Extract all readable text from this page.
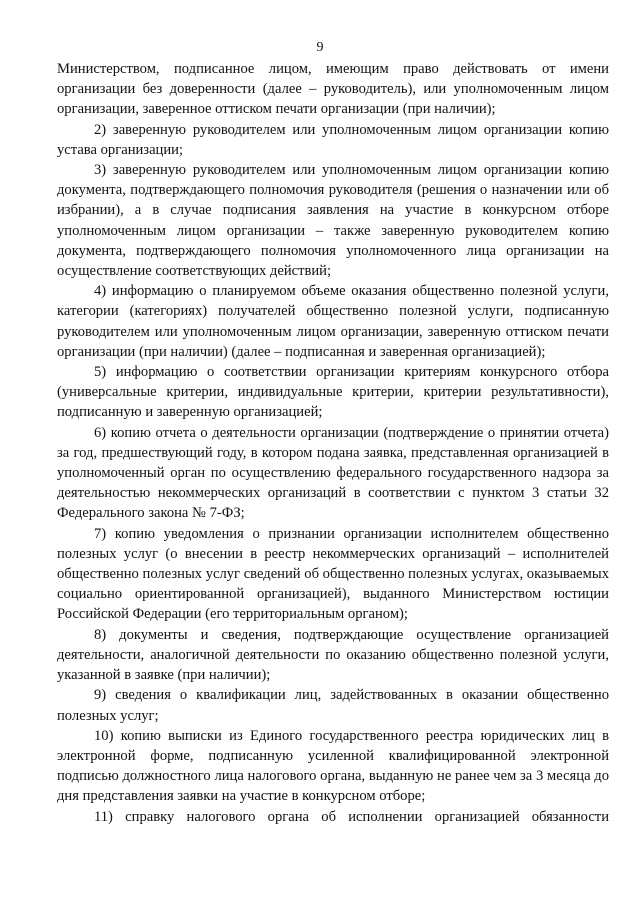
9

Министерством, подписанное лицом, имеющим право действовать от имени организации без доверенности (далее – руководитель), или уполномоченным лицом организации, заверенное оттиском печати организации (при наличии);

2) заверенную руководителем или уполномоченным лицом организации копию устава организации;

3) заверенную руководителем или уполномоченным лицом организации копию документа, подтверждающего полномочия руководителя (решения о назначении или об избрании), а в случае подписания заявления на участие в конкурсном отборе уполномоченным лицом организации – также заверенную руководителем копию документа, подтверждающего полномочия уполномоченного лица организации на осуществление соответствующих действий;

4) информацию о планируемом объеме оказания общественно полезной услуги, категории (категориях) получателей общественно полезной услуги, подписанную руководителем или уполномоченным лицом организации, заверенную оттиском печати организации (при наличии) (далее – подписанная и заверенная организацией);

5) информацию о соответствии организации критериям конкурсного отбора (универсальные критерии, индивидуальные критерии, критерии результативности), подписанную и заверенную организацией;

6) копию отчета о деятельности организации (подтверждение о принятии отчета) за год, предшествующий году, в котором подана заявка, представленная организацией в уполномоченный орган по осуществлению федерального государственного надзора за деятельностью некоммерческих организаций в соответствии с пунктом 3 статьи 32 Федерального закона № 7-ФЗ;

7) копию уведомления о признании организации исполнителем общественно полезных услуг (о внесении в реестр некоммерческих организаций – исполнителей общественно полезных услуг сведений об общественно полезных услугах, оказываемых социально ориентированной организацией), выданного Министерством юстиции Российской Федерации (его территориальным органом);

8) документы и сведения, подтверждающие осуществление организацией деятельности, аналогичной деятельности по оказанию общественно полезной услуги, указанной в заявке (при наличии);

9) сведения о квалификации лиц, задействованных в оказании общественно полезных услуг;

10) копию выписки из Единого государственного реестра юридических лиц в электронной форме, подписанную усиленной квалифицированной электронной подписью должностного лица налогового органа, выданную не ранее чем за 3 месяца до дня представления заявки на участие в конкурсном отборе;

11) справку налогового органа об исполнении организацией обязанности
